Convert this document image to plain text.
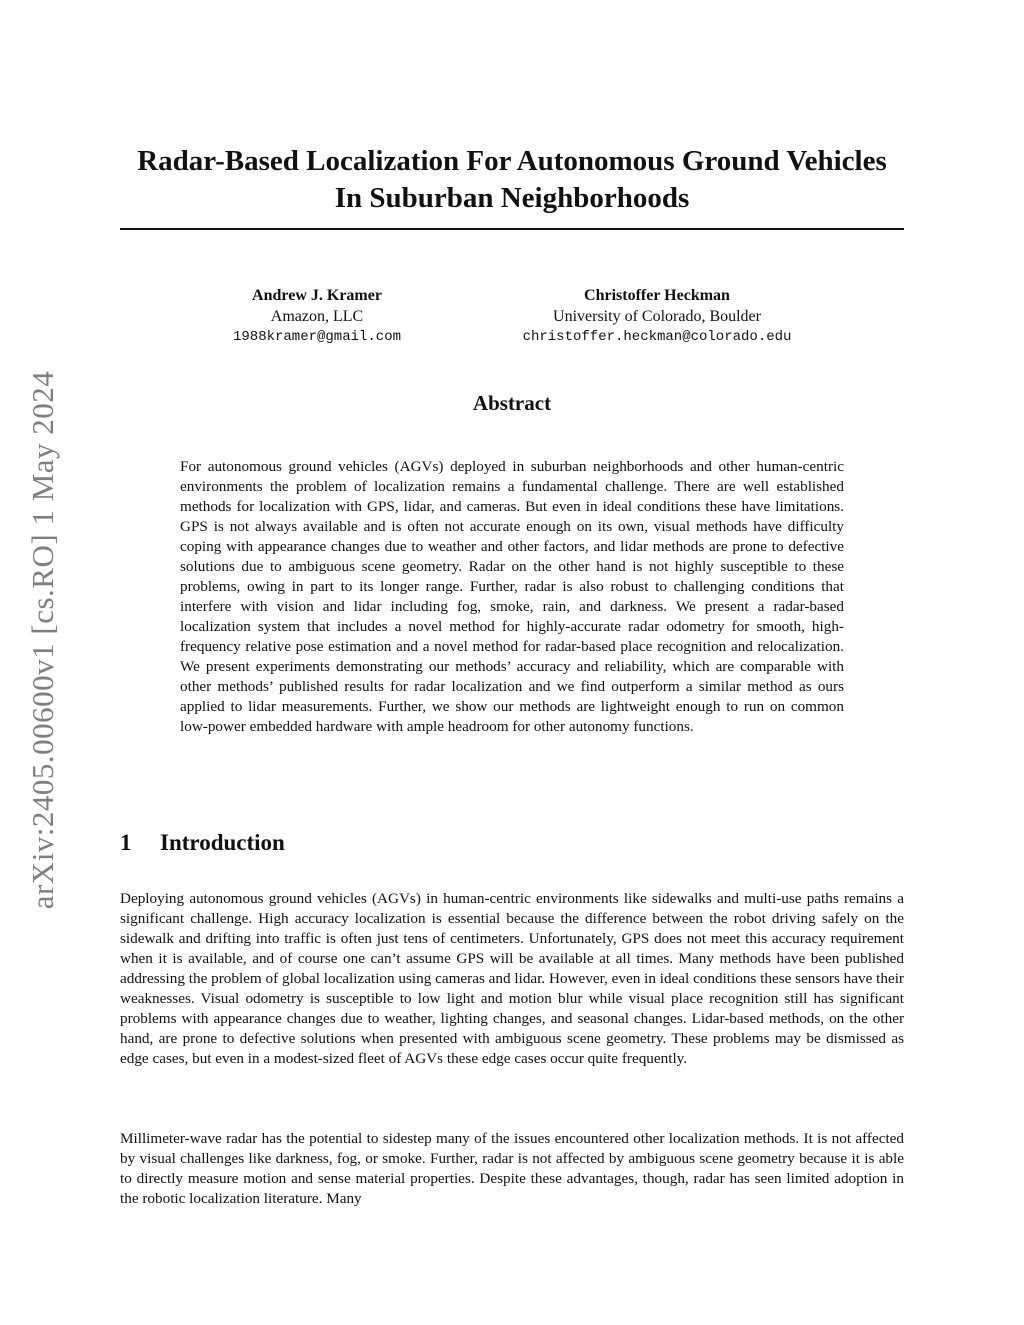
arXiv:2405.00600v1 [cs.RO] 1 May 2024
Radar-Based Localization For Autonomous Ground Vehicles In Suburban Neighborhoods
Andrew J. Kramer
Amazon, LLC
1988kramer@gmail.com
Christoffer Heckman
University of Colorado, Boulder
christoffer.heckman@colorado.edu
Abstract

For autonomous ground vehicles (AGVs) deployed in suburban neighborhoods and other human-centric environments the problem of localization remains a fundamental challenge. There are well established methods for localization with GPS, lidar, and cameras. But even in ideal conditions these have limitations. GPS is not always available and is often not accurate enough on its own, visual methods have difficulty coping with appearance changes due to weather and other factors, and lidar methods are prone to defective solutions due to ambiguous scene geometry. Radar on the other hand is not highly susceptible to these problems, owing in part to its longer range. Further, radar is also robust to challenging conditions that interfere with vision and lidar including fog, smoke, rain, and darkness. We present a radar-based localization system that includes a novel method for highly-accurate radar odometry for smooth, high-frequency relative pose estimation and a novel method for radar-based place recognition and relocalization. We present experiments demonstrating our methods’ accuracy and reliability, which are comparable with other methods’ published results for radar localization and we find outperform a similar method as ours applied to lidar measurements. Further, we show our methods are lightweight enough to run on common low-power embedded hardware with ample headroom for other autonomy functions.

1 Introduction

Deploying autonomous ground vehicles (AGVs) in human-centric environments like sidewalks and multi-use paths remains a significant challenge. High accuracy localization is essential because the difference between the robot driving safely on the sidewalk and drifting into traffic is often just tens of centimeters. Unfortunately, GPS does not meet this accuracy requirement when it is available, and of course one can’t assume GPS will be available at all times. Many methods have been published addressing the problem of global localization using cameras and lidar. However, even in ideal conditions these sensors have their weaknesses. Visual odometry is susceptible to low light and motion blur while visual place recognition still has significant problems with appearance changes due to weather, lighting changes, and seasonal changes. Lidar-based methods, on the other hand, are prone to defective solutions when presented with ambiguous scene geometry. These problems may be dismissed as edge cases, but even in a modest-sized fleet of AGVs these edge cases occur quite frequently.

Millimeter-wave radar has the potential to sidestep many of the issues encountered other localization methods. It is not affected by visual challenges like darkness, fog, or smoke. Further, radar is not affected by ambiguous scene geometry because it is able to directly measure motion and sense material properties. Despite these advantages, though, radar has seen limited adoption in the robotic localization literature. Many
